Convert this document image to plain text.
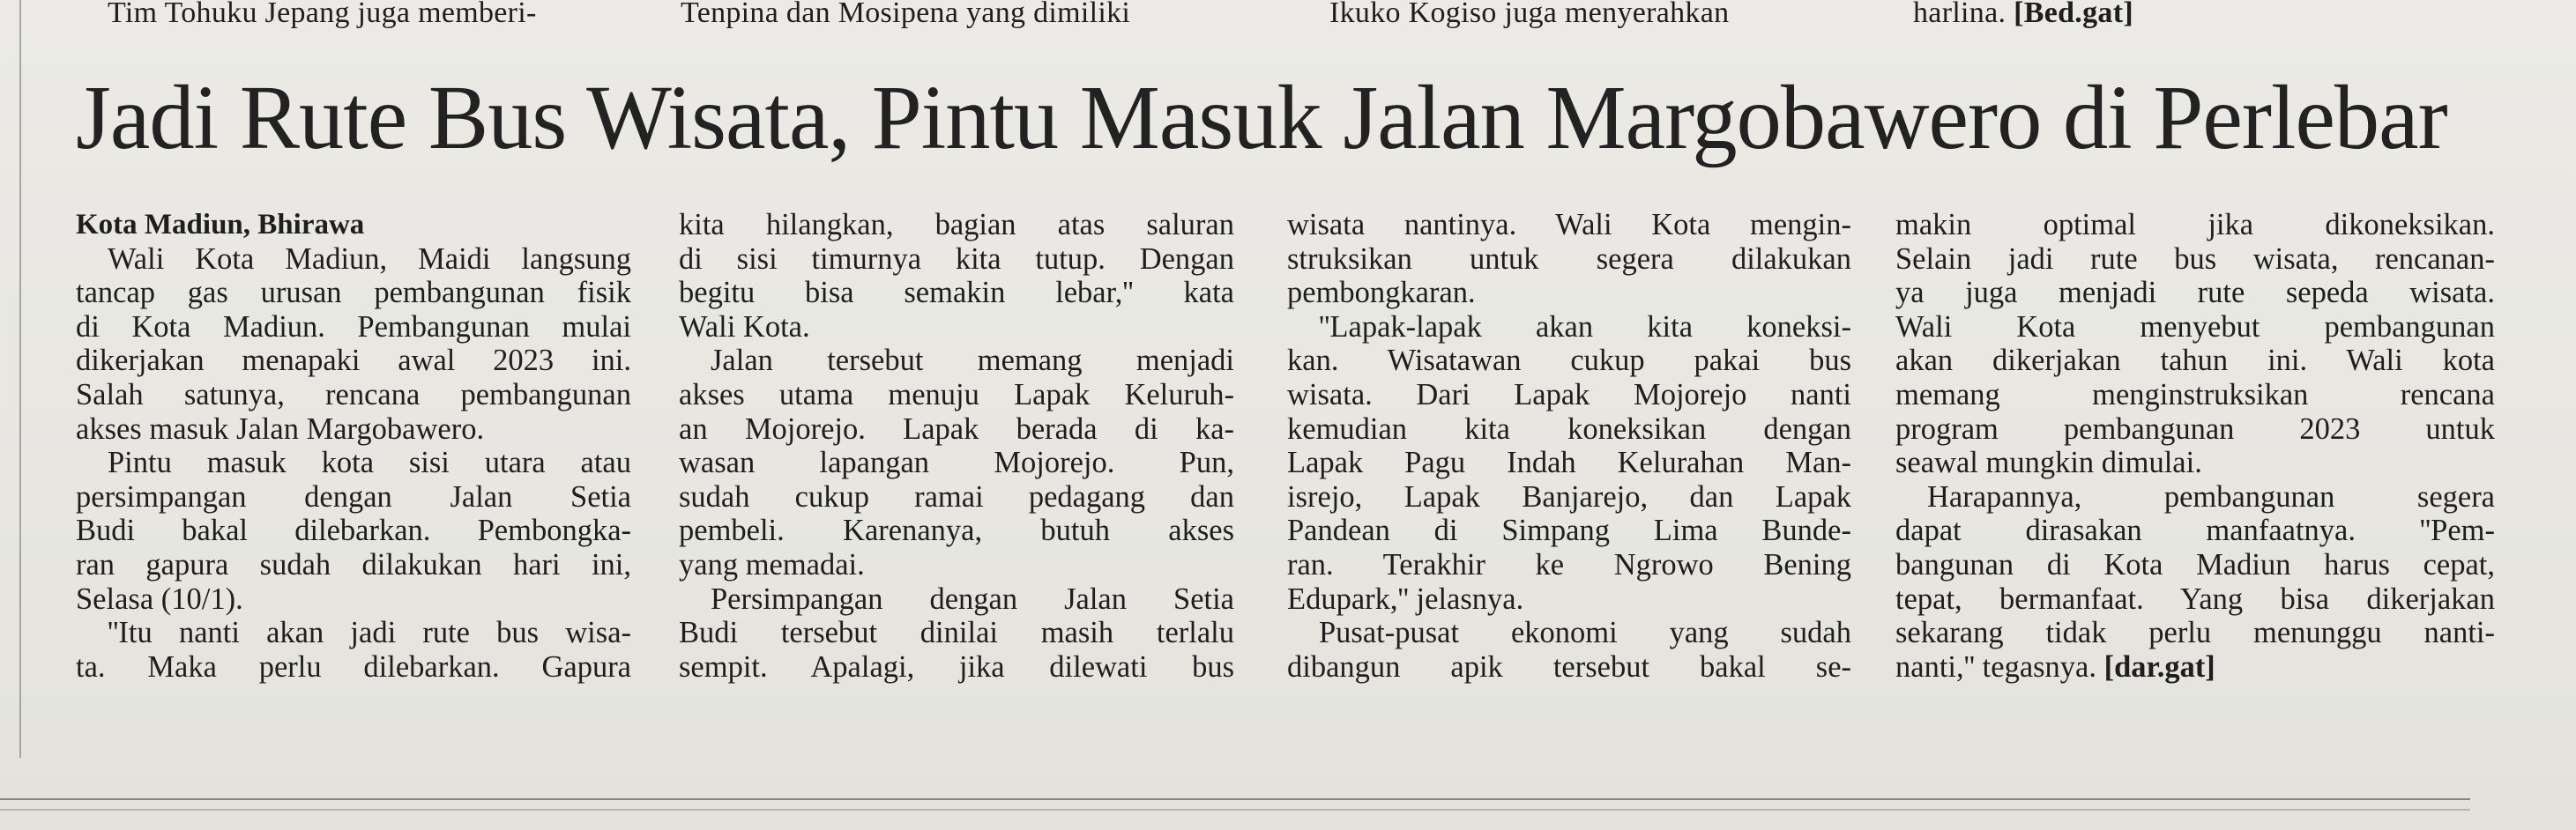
Tim Tohuku Jepang juga memberi-	Tenpina dan Mosipena yang dimiliki	Ikuko Kogiso juga menyerahkan	harlina. [Bed.gat]
Jadi Rute Bus Wisata, Pintu Masuk Jalan Margobawero di Perlebar
Kota Madiun, Bhirawa
Wali Kota Madiun, Maidi langsung
tancap gas urusan pembangunan fisik
di Kota Madiun. Pembangunan mulai
dikerjakan menapaki awal 2023 ini.
Salah satunya, rencana pembangunan
akses masuk Jalan Margobawero.
Pintu masuk kota sisi utara atau
persimpangan dengan Jalan Setia
Budi bakal dilebarkan. Pembongka-
ran gapura sudah dilakukan hari ini,
Selasa (10/1).
''Itu nanti akan jadi rute bus wisa-
ta. Maka perlu dilebarkan. Gapura
kita hilangkan, bagian atas saluran
di sisi timurnya kita tutup. Dengan
begitu bisa semakin lebar,'' kata
Wali Kota.
Jalan tersebut memang menjadi
akses utama menuju Lapak Keluruh-
an Mojorejo. Lapak berada di ka-
wasan lapangan Mojorejo. Pun,
sudah cukup ramai pedagang dan
pembeli. Karenanya, butuh akses
yang memadai.
Persimpangan dengan Jalan Setia
Budi tersebut dinilai masih terlalu
sempit. Apalagi, jika dilewati bus
wisata nantinya. Wali Kota mengin-
struksikan untuk segera dilakukan
pembongkaran.
''Lapak-lapak akan kita koneksi-
kan. Wisatawan cukup pakai bus
wisata. Dari Lapak Mojorejo nanti
kemudian kita koneksikan dengan
Lapak Pagu Indah Kelurahan Man-
isrejo, Lapak Banjarejo, dan Lapak
Pandean di Simpang Lima Bunde-
ran. Terakhir ke Ngrowo Bening
Edupark,'' jelasnya.
Pusat-pusat ekonomi yang sudah
dibangun apik tersebut bakal se-
makin optimal jika dikoneksikan.
Selain jadi rute bus wisata, rencanan-
ya juga menjadi rute sepeda wisata.
Wali Kota menyebut pembangunan
akan dikerjakan tahun ini. Wali kota
memang menginstruksikan rencana
program pembangunan 2023 untuk
seawal mungkin dimulai.
Harapannya, pembangunan segera
dapat dirasakan manfaatnya. ''Pem-
bangunan di Kota Madiun harus cepat,
tepat, bermanfaat. Yang bisa dikerjakan
sekarang tidak perlu menunggu nanti-
nanti,'' tegasnya. [dar.gat]
